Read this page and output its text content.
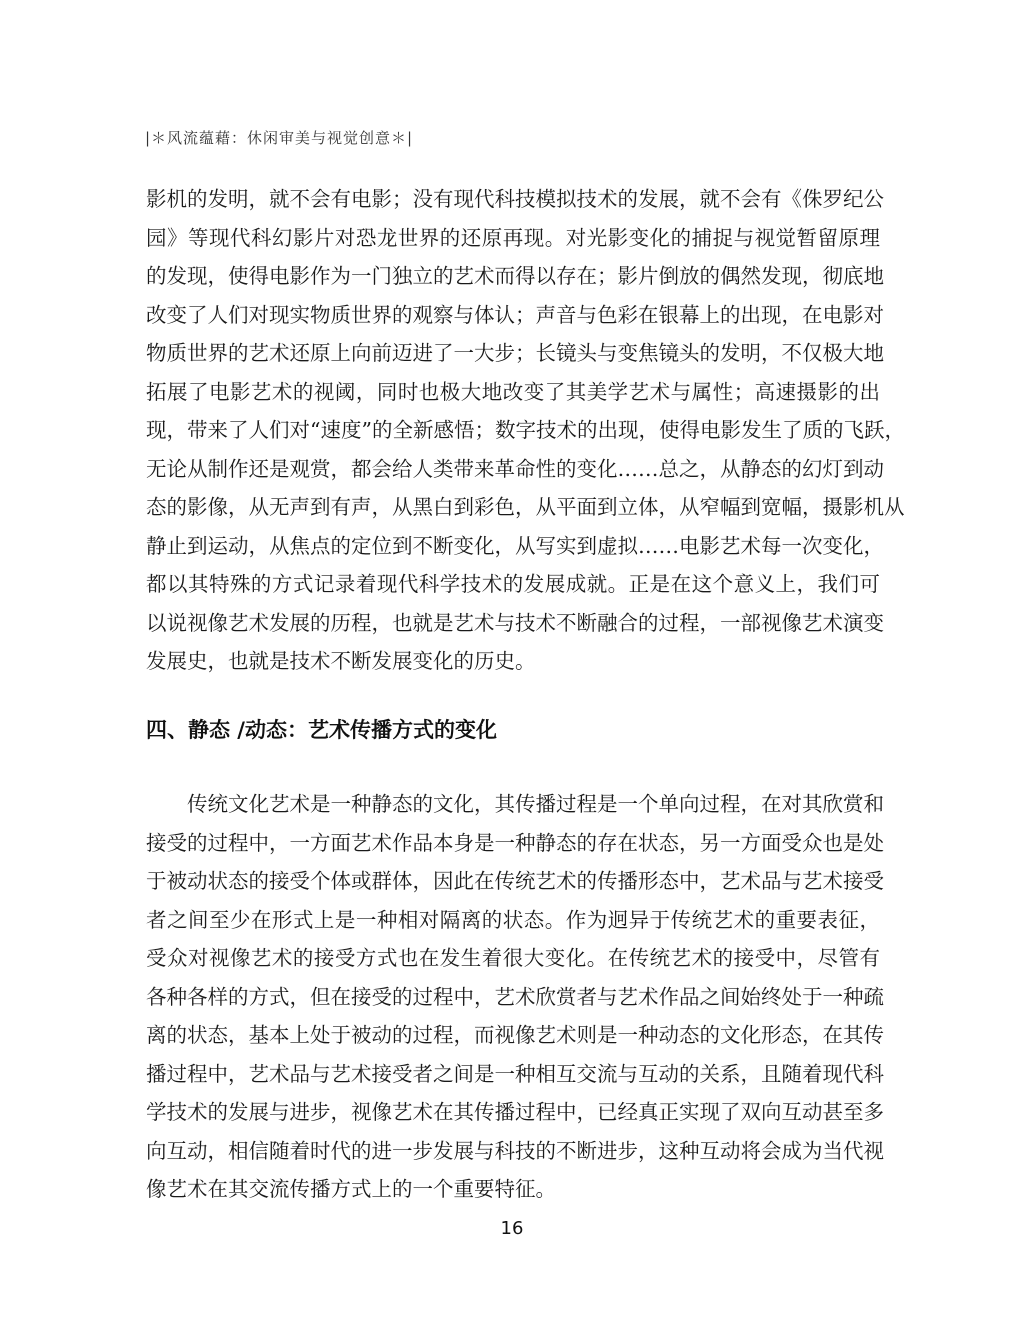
|＊风流蕴藉：休闲审美与视觉创意＊|
影机的发明，就不会有电影；没有现代科技模拟技术的发展，就不会有《侏罗纪公
园》等现代科幻影片对恐龙世界的还原再现。对光影变化的捕捉与视觉暂留原理
的发现，使得电影作为一门独立的艺术而得以存在；影片倒放的偶然发现，彻底地
改变了人们对现实物质世界的观察与体认；声音与色彩在银幕上的出现，在电影对
物质世界的艺术还原上向前迈进了一大步；长镜头与变焦镜头的发明，不仅极大地
拓展了电影艺术的视阈，同时也极大地改变了其美学艺术与属性；高速摄影的出
现，带来了人们对“速度”的全新感悟；数字技术的出现，使得电影发生了质的飞跃，
无论从制作还是观赏，都会给人类带来革命性的变化……总之，从静态的幻灯到动
态的影像，从无声到有声，从黑白到彩色，从平面到立体，从窄幅到宽幅，摄影机从
静止到运动，从焦点的定位到不断变化，从写实到虚拟……电影艺术每一次变化，
都以其特殊的方式记录着现代科学技术的发展成就。正是在这个意义上，我们可
以说视像艺术发展的历程，也就是艺术与技术不断融合的过程，一部视像艺术演变
发展史，也就是技术不断发展变化的历史。
四、静态 /动态：艺术传播方式的变化
　　传统文化艺术是一种静态的文化，其传播过程是一个单向过程，在对其欣赏和
接受的过程中，一方面艺术作品本身是一种静态的存在状态，另一方面受众也是处
于被动状态的接受个体或群体，因此在传统艺术的传播形态中，艺术品与艺术接受
者之间至少在形式上是一种相对隔离的状态。作为迥异于传统艺术的重要表征，
受众对视像艺术的接受方式也在发生着很大变化。在传统艺术的接受中，尽管有
各种各样的方式，但在接受的过程中，艺术欣赏者与艺术作品之间始终处于一种疏
离的状态，基本上处于被动的过程，而视像艺术则是一种动态的文化形态，在其传
播过程中，艺术品与艺术接受者之间是一种相互交流与互动的关系，且随着现代科
学技术的发展与进步，视像艺术在其传播过程中，已经真正实现了双向互动甚至多
向互动，相信随着时代的进一步发展与科技的不断进步，这种互动将会成为当代视
像艺术在其交流传播方式上的一个重要特征。
16
